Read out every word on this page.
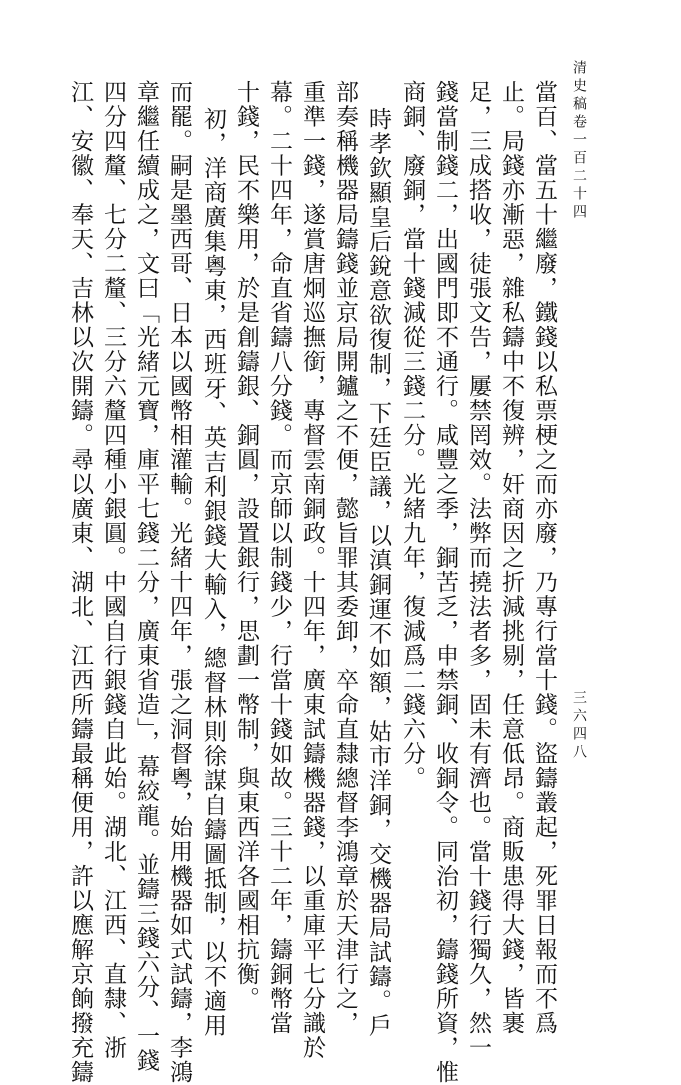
清史稿卷一百二十四
三六四八
當百、當五十繼廢，鐵錢以私票梗之而亦廢，乃專行當十錢。盜鑄叢起，死罪日報而不爲
止。局錢亦漸惡，雜私鑄中不復辨，奸商因之折減挑剔，任意低昂。商販患得大錢，皆裹
足，三成搭收，徒張文告，屢禁罔效。法弊而撓法者多，固未有濟也。當十錢行獨久，然一
錢當制錢二，出國門即不通行。咸豐之季，銅苦乏，申禁銅、收銅令。同治初，鑄錢所資，惟
商銅、廢銅，當十錢減從三錢二分。光緒九年，復減爲二錢六分。
時孝欽顯皇后銳意欲復制，下廷臣議，以滇銅運不如額，姑市洋銅，交機器局試鑄。戶
部奏稱機器局鑄錢並京局開鑪之不便，懿旨罪其委卸，卒命直隸總督李鴻章於天津行之，
重準一錢，遂賞唐炯巡撫銜，專督雲南銅政。十四年，廣東試鑄機器錢，以重庫平七分識於
幕。二十四年，命直省鑄八分錢。而京師以制錢少，行當十錢如故。三十二年，鑄銅幣當
十錢，民不樂用，於是創鑄銀、銅圓，設置銀行，思劃一幣制，與東西洋各國相抗衡。
初，洋商廣集粵東，西班牙、英吉利銀錢大輸入，總督林則徐謀自鑄圖抵制，以不適用
而罷。嗣是墨西哥、日本以國幣相灌輸。光緒十四年，張之洞督粵，始用機器如式試鑄，李鴻
章繼任續成之，文曰「光緒元寶，庫平七錢二分，廣東省造」，幕絞龍。並鑄三錢六分、一錢
四分四釐、七分二釐、三分六釐四種小銀圓。中國自行銀錢自此始。湖北、江西、直隸、浙
江、安徽、奉天、吉林以次開鑄。尋以廣東、湖北、江西所鑄最稱便用，許以應解京餉撥充鑄
